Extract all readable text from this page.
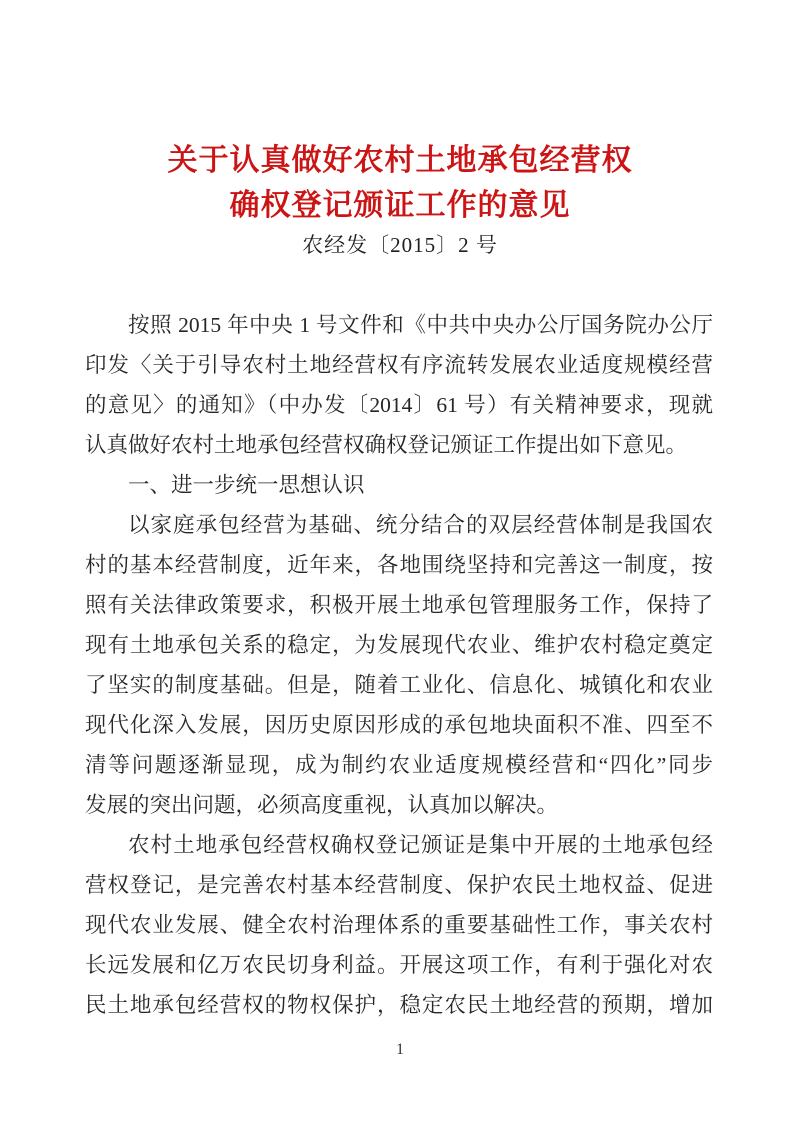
关于认真做好农村土地承包经营权
确权登记颁证工作的意见
农经发〔2015〕2 号
按照 2015 年中央 1 号文件和《中共中央办公厅国务院办公厅
印发〈关于引导农村土地经营权有序流转发展农业适度规模经营
的意见〉的通知》（中办发〔2014〕61 号）有关精神要求，现就
认真做好农村土地承包经营权确权登记颁证工作提出如下意见。
一、进一步统一思想认识
以家庭承包经营为基础、统分结合的双层经营体制是我国农
村的基本经营制度，近年来，各地围绕坚持和完善这一制度，按
照有关法律政策要求，积极开展土地承包管理服务工作，保持了
现有土地承包关系的稳定，为发展现代农业、维护农村稳定奠定
了坚实的制度基础。但是，随着工业化、信息化、城镇化和农业
现代化深入发展，因历史原因形成的承包地块面积不准、四至不
清等问题逐渐显现，成为制约农业适度规模经营和“四化”同步
发展的突出问题，必须高度重视，认真加以解决。
农村土地承包经营权确权登记颁证是集中开展的土地承包经
营权登记，是完善农村基本经营制度、保护农民土地权益、促进
现代农业发展、健全农村治理体系的重要基础性工作，事关农村
长远发展和亿万农民切身利益。开展这项工作，有利于强化对农
民土地承包经营权的物权保护，稳定农民土地经营的预期，增加
1
